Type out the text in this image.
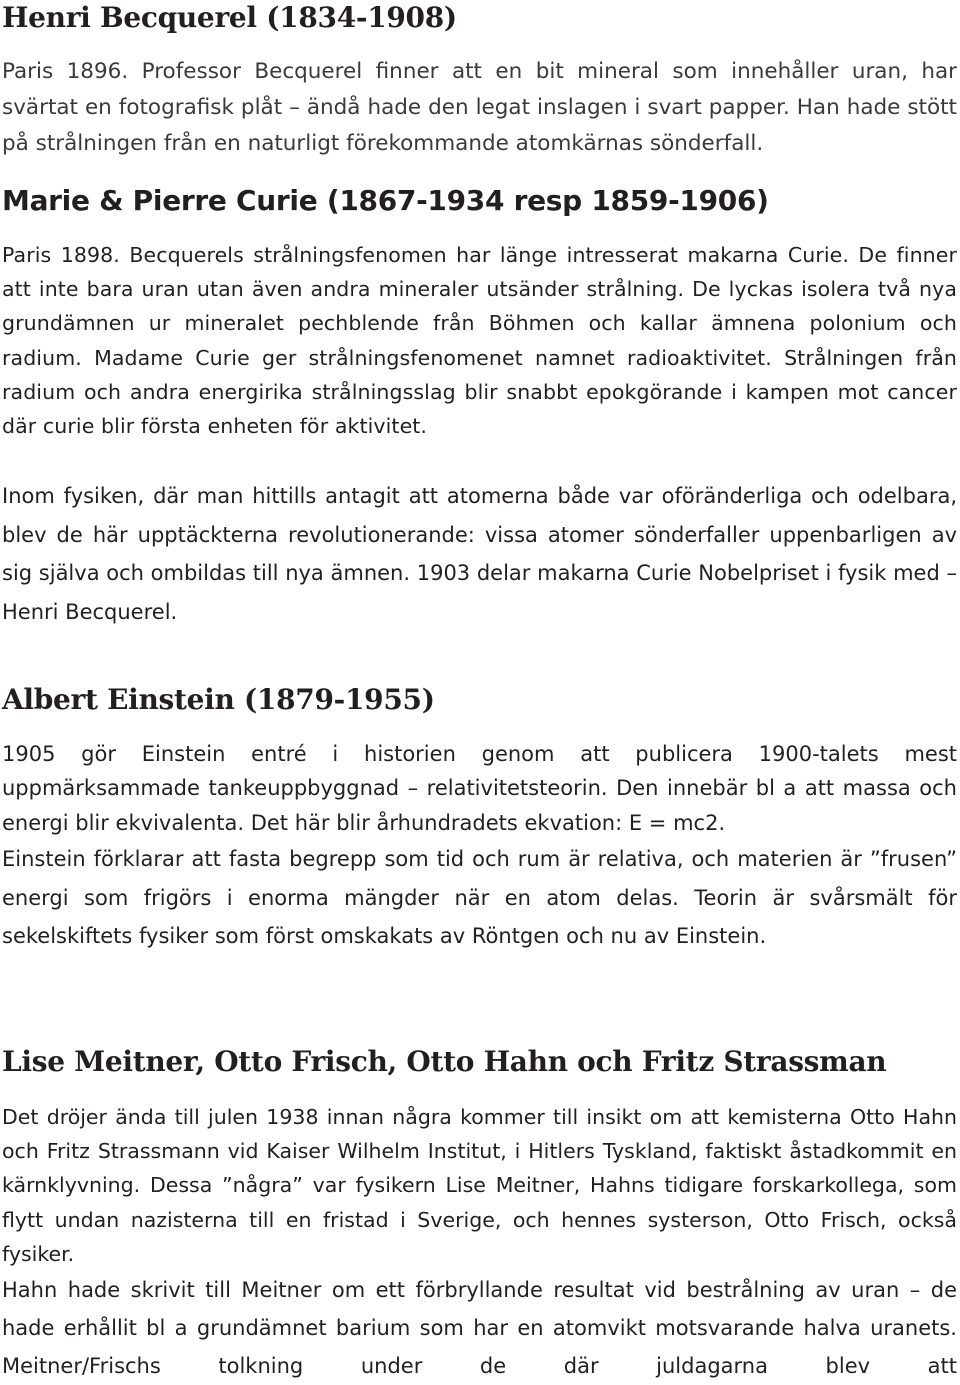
Henri Becquerel (1834-1908)

Paris 1896. Professor Becquerel finner att en bit mineral som innehåller uran, har svärtat en fotografisk plåt – ändå hade den legat inslagen i svart papper. Han hade stött på strålningen från en naturligt förekommande atomkärnas sönderfall.

Marie & Pierre Curie (1867-1934 resp 1859-1906)

Paris 1898. Becquerels strålningsfenomen har länge intresserat makarna Curie. De finner att inte bara uran utan även andra mineraler utsänder strålning. De lyckas isolera två nya grundämnen ur mineralet pechblende från Böhmen och kallar ämnena polonium och radium. Madame Curie ger strålningsfenomenet namnet radioaktivitet. Strålningen från radium och andra energirika strålningsslag blir snabbt epokgörande i kampen mot cancer där curie blir första enheten för aktivitet.

Inom fysiken, där man hittills antagit att atomerna både var oföränderliga och odelbara, blev de här upptäckterna revolutionerande: vissa atomer sönderfaller uppenbarligen av sig själva och ombildas till nya ämnen. 1903 delar makarna Curie Nobelpriset i fysik med – Henri Becquerel.

Albert Einstein (1879-1955)

1905 gör Einstein entré i historien genom att publicera 1900-talets mest uppmärksammade tankeuppbyggnad – relativitetsteorin. Den innebär bl a att massa och energi blir ekvivalenta. Det här blir århundradets ekvation: E = mc2.

Einstein förklarar att fasta begrepp som tid och rum är relativa, och materien är ”frusen” energi som frigörs i enorma mängder när en atom delas. Teorin är svårsmält för sekelskiftets fysiker som först omskakats av Röntgen och nu av Einstein.

Lise Meitner, Otto Frisch, Otto Hahn och Fritz Strassman

Det dröjer ända till julen 1938 innan några kommer till insikt om att kemisterna Otto Hahn och Fritz Strassmann vid Kaiser Wilhelm Institut, i Hitlers Tyskland, faktiskt åstadkommit en kärnklyvning. Dessa ”några” var fysikern Lise Meitner, Hahns tidigare forskarkollega, som flytt undan nazisterna till en fristad i Sverige, och hennes systerson, Otto Frisch, också fysiker.

Hahn hade skrivit till Meitner om ett förbryllande resultat vid bestrålning av uran – de hade erhållit bl a grundämnet barium som har en atomvikt motsvarande halva uranets. Meitner/Frischs tolkning under de där juldagarna blev att
